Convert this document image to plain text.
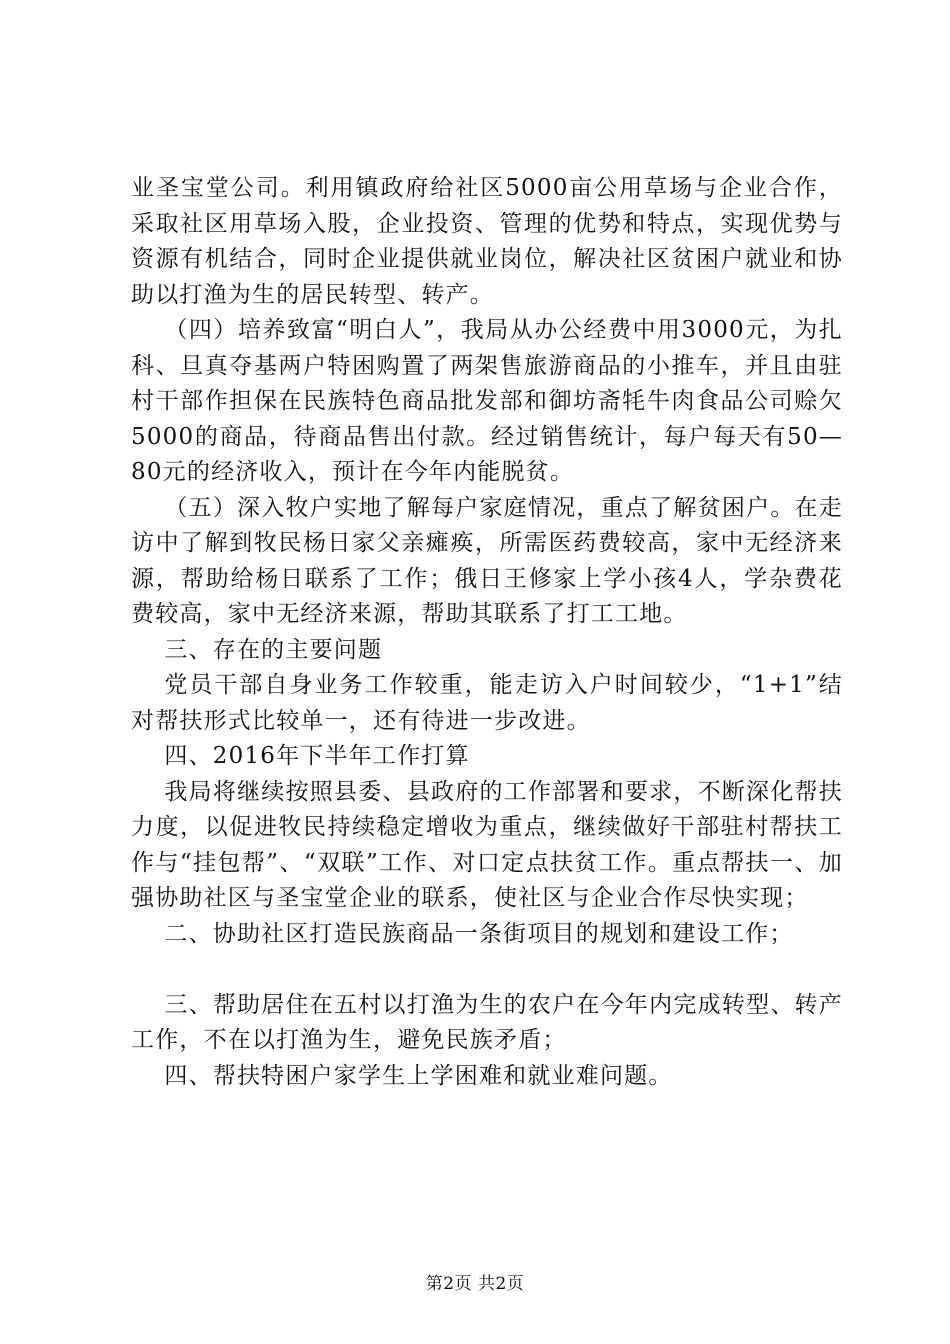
业圣宝堂公司。利用镇政府给社区5000亩公用草场与企业合作，采取社区用草场入股，企业投资、管理的优势和特点，实现优势与资源有机结合，同时企业提供就业岗位，解决社区贫困户就业和协助以打渔为生的居民转型、转产。

（四）培养致富“明白人”，我局从办公经费中用3000元，为扎科、旦真夺基两户特困购置了两架售旅游商品的小推车，并且由驻村干部作担保在民族特色商品批发部和御坊斋牦牛肉食品公司赊欠5000的商品，待商品售出付款。经过销售统计，每户每天有50—80元的经济收入，预计在今年内能脱贫。

（五）深入牧户实地了解每户家庭情况，重点了解贫困户。在走访中了解到牧民杨日家父亲瘫痪，所需医药费较高，家中无经济来源，帮助给杨日联系了工作；俄日王修家上学小孩4人，学杂费花费较高，家中无经济来源，帮助其联系了打工工地。

三、存在的主要问题

党员干部自身业务工作较重，能走访入户时间较少，“1+1”结对帮扶形式比较单一，还有待进一步改进。

四、2016年下半年工作打算

我局将继续按照县委、县政府的工作部署和要求，不断深化帮扶力度，以促进牧民持续稳定增收为重点，继续做好干部驻村帮扶工作与“挂包帮”、“双联”工作、对口定点扶贫工作。重点帮扶一、加强协助社区与圣宝堂企业的联系，使社区与企业合作尽快实现；

二、协助社区打造民族商品一条街项目的规划和建设工作；

三、帮助居住在五村以打渔为生的农户在今年内完成转型、转产工作，不在以打渔为生，避免民族矛盾；

四、帮扶特困户家学生上学困难和就业难问题。

第2页 共2页
